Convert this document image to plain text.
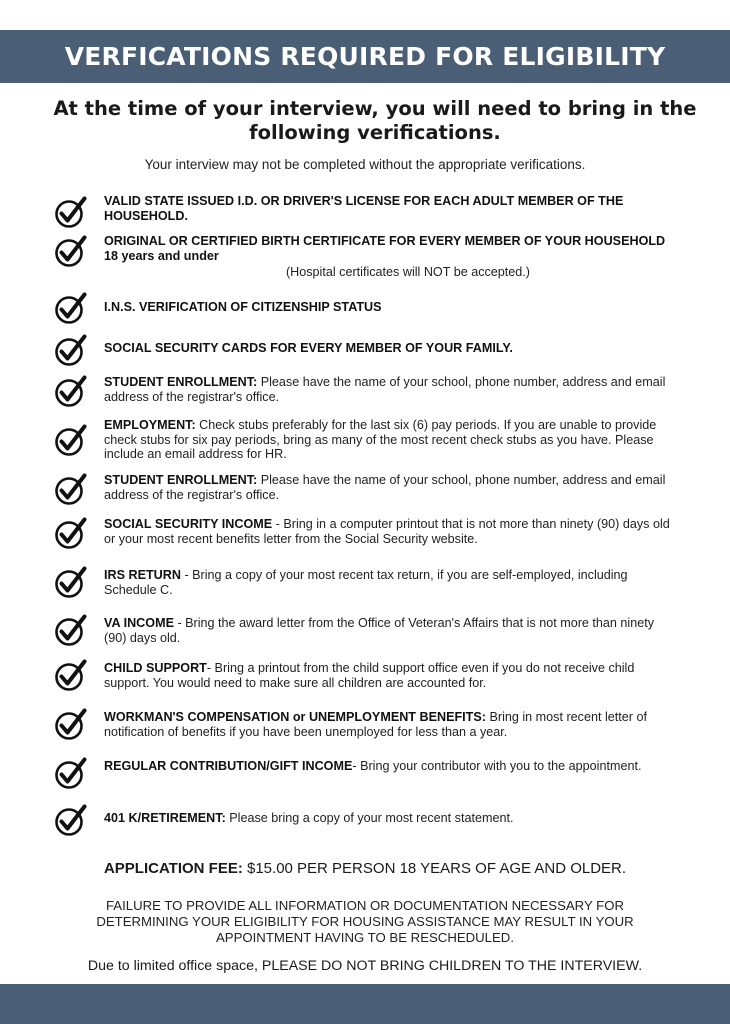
VERFICATIONS REQUIRED FOR ELIGIBILITY
At the time of your interview, you will need to bring in the following verifications.
Your interview may not be completed without the appropriate verifications.
VALID STATE ISSUED I.D. OR DRIVER'S LICENSE FOR EACH ADULT MEMBER OF THE HOUSEHOLD.
ORIGINAL OR CERTIFIED BIRTH CERTIFICATE FOR EVERY MEMBER OF YOUR HOUSEHOLD 18 years and under
(Hospital certificates will NOT be accepted.)
I.N.S. VERIFICATION OF CITIZENSHIP STATUS
SOCIAL SECURITY CARDS FOR EVERY MEMBER OF YOUR FAMILY.
STUDENT ENROLLMENT: Please have the name of your school, phone number, address and email address of the registrar's office.
EMPLOYMENT: Check stubs preferably for the last six (6) pay periods. If you are unable to provide check stubs for six pay periods, bring as many of the most recent check stubs as you have. Please include an email address for HR.
STUDENT ENROLLMENT: Please have the name of your school, phone number, address and email address of the registrar's office.
SOCIAL SECURITY INCOME - Bring in a computer printout that is not more than ninety (90) days old or your most recent benefits letter from the Social Security website.
IRS RETURN - Bring a copy of your most recent tax return, if you are self-employed, including Schedule C.
VA INCOME - Bring the award letter from the Office of Veteran's Affairs that is not more than ninety (90) days old.
CHILD SUPPORT- Bring a printout from the child support office even if you do not receive child support. You would need to make sure all children are accounted for.
WORKMAN'S COMPENSATION or UNEMPLOYMENT BENEFITS: Bring in most recent letter of notification of benefits if you have been unemployed for less than a year.
REGULAR CONTRIBUTION/GIFT INCOME- Bring your contributor with you to the appointment.
401 K/RETIREMENT: Please bring a copy of your most recent statement.
APPLICATION FEE: $15.00 PER PERSON 18 YEARS OF AGE AND OLDER.
FAILURE TO PROVIDE ALL INFORMATION OR DOCUMENTATION NECESSARY FOR DETERMINING YOUR ELIGIBILITY FOR HOUSING ASSISTANCE MAY RESULT IN YOUR APPOINTMENT HAVING TO BE RESCHEDULED.
Due to limited office space, PLEASE DO NOT BRING CHILDREN TO THE INTERVIEW.
